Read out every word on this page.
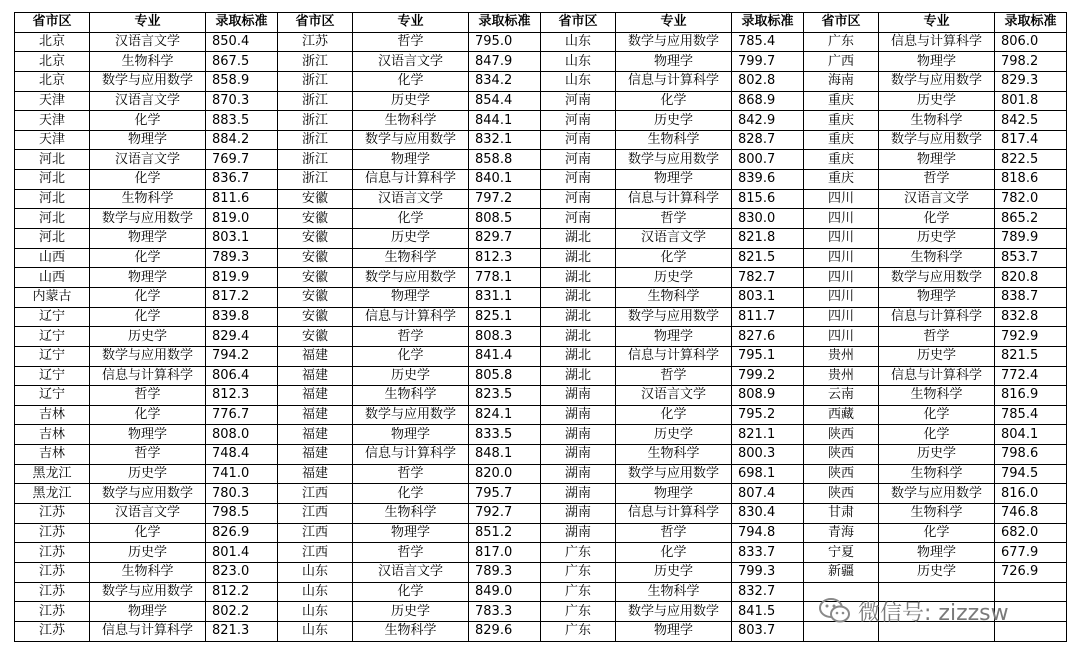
省市区	专业	录取标准	省市区	专业	录取标准	省市区	专业	录取标准	省市区	专业	录取标准
北京	汉语言文学	850.4	江苏	哲学	795.0	山东	数学与应用数学	785.4	广东	信息与计算科学	806.0
北京	生物科学	867.5	浙江	汉语言文学	847.9	山东	物理学	799.7	广西	物理学	798.2
北京	数学与应用数学	858.9	浙江	化学	834.2	山东	信息与计算科学	802.8	海南	数学与应用数学	829.3
天津	汉语言文学	870.3	浙江	历史学	854.4	河南	化学	868.9	重庆	历史学	801.8
天津	化学	883.5	浙江	生物科学	844.1	河南	历史学	842.9	重庆	生物科学	842.5
天津	物理学	884.2	浙江	数学与应用数学	832.1	河南	生物科学	828.7	重庆	数学与应用数学	817.4
河北	汉语言文学	769.7	浙江	物理学	858.8	河南	数学与应用数学	800.7	重庆	物理学	822.5
河北	化学	836.7	浙江	信息与计算科学	840.1	河南	物理学	839.6	重庆	哲学	818.6
河北	生物科学	811.6	安徽	汉语言文学	797.2	河南	信息与计算科学	815.6	四川	汉语言文学	782.0
河北	数学与应用数学	819.0	安徽	化学	808.5	河南	哲学	830.0	四川	化学	865.2
河北	物理学	803.1	安徽	历史学	829.7	湖北	汉语言文学	821.8	四川	历史学	789.9
山西	化学	789.3	安徽	生物科学	812.3	湖北	化学	821.5	四川	生物科学	853.7
山西	物理学	819.9	安徽	数学与应用数学	778.1	湖北	历史学	782.7	四川	数学与应用数学	820.8
内蒙古	化学	817.2	安徽	物理学	831.1	湖北	生物科学	803.1	四川	物理学	838.7
辽宁	化学	839.8	安徽	信息与计算科学	825.1	湖北	数学与应用数学	811.7	四川	信息与计算科学	832.8
辽宁	历史学	829.4	安徽	哲学	808.3	湖北	物理学	827.6	四川	哲学	792.9
辽宁	数学与应用数学	794.2	福建	化学	841.4	湖北	信息与计算科学	795.1	贵州	历史学	821.5
辽宁	信息与计算科学	806.4	福建	历史学	805.8	湖北	哲学	799.2	贵州	信息与计算科学	772.4
辽宁	哲学	812.3	福建	生物科学	823.5	湖南	汉语言文学	808.9	云南	生物科学	816.9
吉林	化学	776.7	福建	数学与应用数学	824.1	湖南	化学	795.2	西藏	化学	785.4
吉林	物理学	808.0	福建	物理学	833.5	湖南	历史学	821.1	陕西	化学	804.1
吉林	哲学	748.4	福建	信息与计算科学	848.1	湖南	生物科学	800.3	陕西	历史学	798.6
黑龙江	历史学	741.0	福建	哲学	820.0	湖南	数学与应用数学	698.1	陕西	生物科学	794.5
黑龙江	数学与应用数学	780.3	江西	化学	795.7	湖南	物理学	807.4	陕西	数学与应用数学	816.0
江苏	汉语言文学	798.5	江西	生物科学	792.7	湖南	信息与计算科学	830.4	甘肃	生物科学	746.8
江苏	化学	826.9	江西	物理学	851.2	湖南	哲学	794.8	青海	化学	682.0
江苏	历史学	801.4	江西	哲学	817.0	广东	化学	833.7	宁夏	物理学	677.9
江苏	生物科学	823.0	山东	汉语言文学	789.3	广东	历史学	799.3	新疆	历史学	726.9
江苏	数学与应用数学	812.2	山东	化学	849.0	广东	生物科学	832.7			
江苏	物理学	802.2	山东	历史学	783.3	广东	数学与应用数学	841.5			
江苏	信息与计算科学	821.3	山东	生物科学	829.6	广东	物理学	803.7			
微信号: zizzsw
